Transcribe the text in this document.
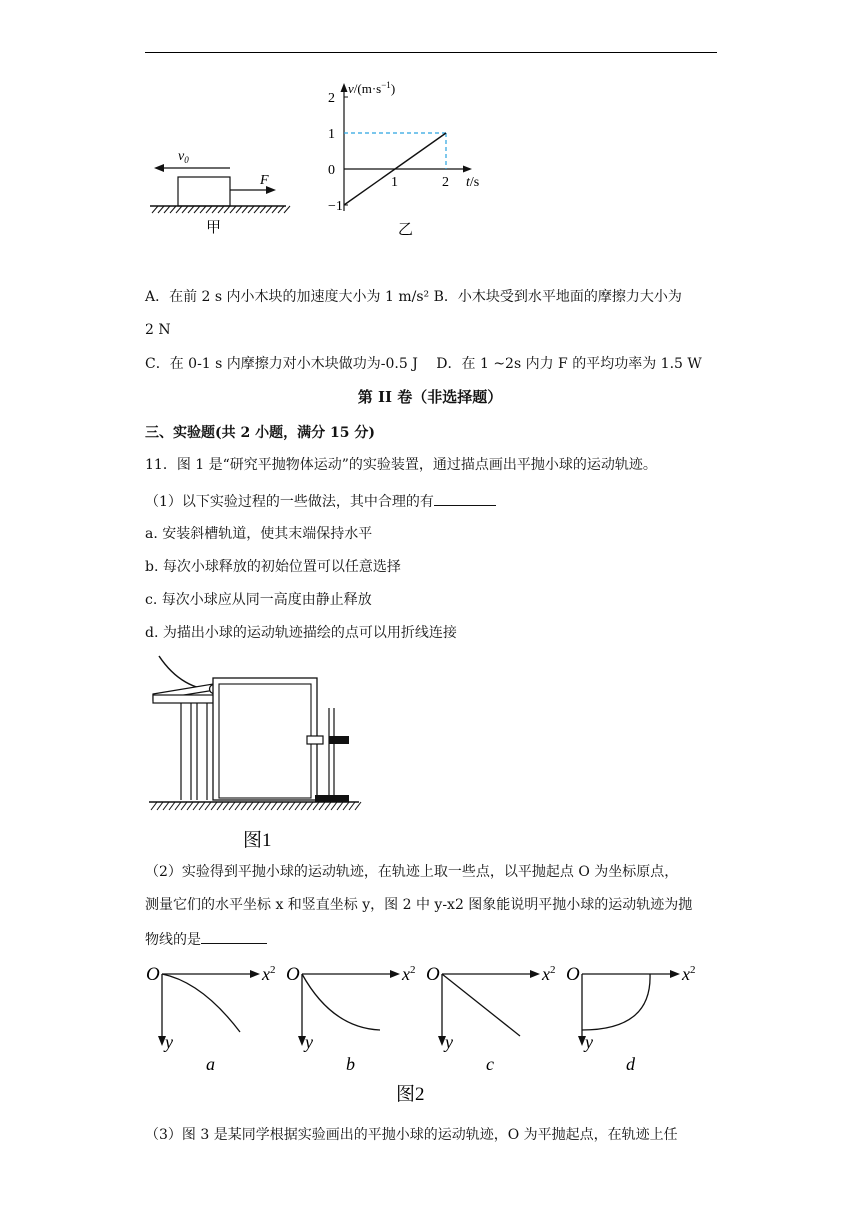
$v_0$
F
甲	乙
$v/(m\cdot s^{-1})$
2
1
0
−1
1	2 t/s
A．在前 2 s 内小木块的加速度大小为 1 m/s² B．小木块受到水平地面的摩擦力大小为
2 N
C．在 0-1 s 内摩擦力对小木块做功为-0.5 J　 D．在 1 ~2s 内力 F 的平均功率为 1.5 W
第 II 卷（非选择题）
三、实验题(共 2 小题，满分 15 分)
11．图 1 是“研究平抛物体运动”的实验装置，通过描点画出平抛小球的运动轨迹。
（1）以下实验过程的一些做法，其中合理的有
a. 安装斜槽轨道，使其末端保持水平
b. 每次小球释放的初始位置可以任意选择
c. 每次小球应从同一高度由静止释放
d. 为描出小球的运动轨迹描绘的点可以用折线连接
图1
（2）实验得到平抛小球的运动轨迹，在轨迹上取一些点，以平抛起点 O 为坐标原点，
测量它们的水平坐标 x 和竖直坐标 y，图 2 中 y-x2 图象能说明平抛小球的运动轨迹为抛
物线的是
图2
O	$x^2$
y
a
O	$x^2$
y
b
O	$x^2$
y
c
O	$x^2$
y
d
（3）图 3 是某同学根据实验画出的平抛小球的运动轨迹，O 为平抛起点，在轨迹上任
